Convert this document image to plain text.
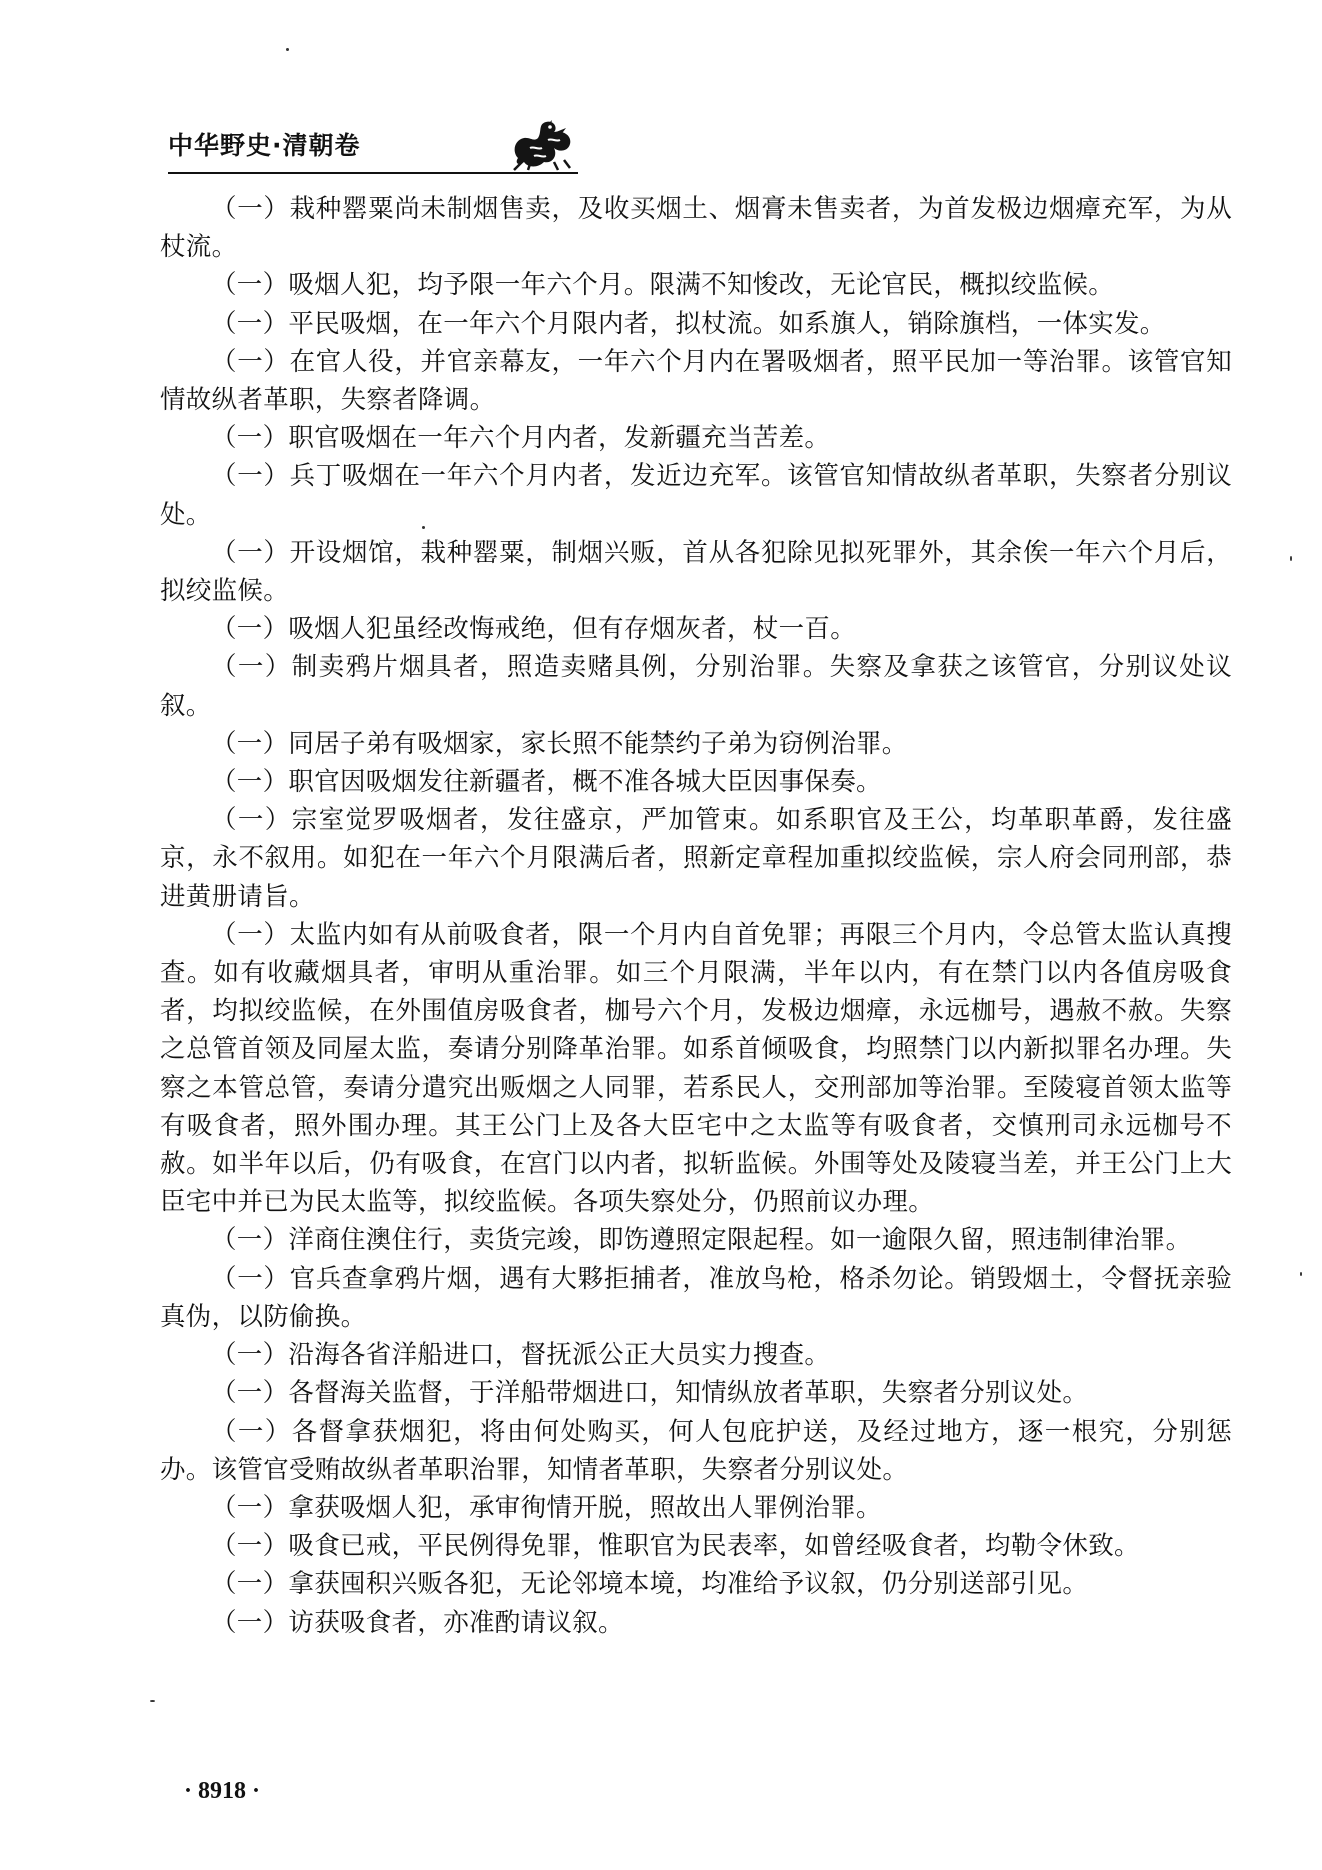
中华野史·清朝卷

（一）栽种罂粟尚未制烟售卖，及收买烟土、烟膏未售卖者，为首发极边烟瘴充军，为从杖流。

（一）吸烟人犯，均予限一年六个月。限满不知悛改，无论官民，概拟绞监候。

（一）平民吸烟，在一年六个月限内者，拟杖流。如系旗人，销除旗档，一体实发。

（一）在官人役，并官亲幕友，一年六个月内在署吸烟者，照平民加一等治罪。该管官知情故纵者革职，失察者降调。

（一）职官吸烟在一年六个月内者，发新疆充当苦差。

（一）兵丁吸烟在一年六个月内者，发近边充军。该管官知情故纵者革职，失察者分别议处。

（一）开设烟馆，栽种罂粟，制烟兴贩，首从各犯除见拟死罪外，其余俟一年六个月后，拟绞监候。

（一）吸烟人犯虽经改悔戒绝，但有存烟灰者，杖一百。

（一）制卖鸦片烟具者，照造卖赌具例，分别治罪。失察及拿获之该管官，分别议处议叙。

（一）同居子弟有吸烟家，家长照不能禁约子弟为窃例治罪。

（一）职官因吸烟发往新疆者，概不准各城大臣因事保奏。

（一）宗室觉罗吸烟者，发往盛京，严加管束。如系职官及王公，均革职革爵，发往盛京，永不叙用。如犯在一年六个月限满后者，照新定章程加重拟绞监候，宗人府会同刑部，恭进黄册请旨。

（一）太监内如有从前吸食者，限一个月内自首免罪；再限三个月内，令总管太监认真搜查。如有收藏烟具者，审明从重治罪。如三个月限满，半年以内，有在禁门以内各值房吸食者，均拟绞监候，在外围值房吸食者，枷号六个月，发极边烟瘴，永远枷号，遇赦不赦。失察之总管首领及同屋太监，奏请分别降革治罪。如系首倾吸食，均照禁门以内新拟罪名办理。失察之本管总管，奏请分遣究出贩烟之人同罪，若系民人，交刑部加等治罪。至陵寝首领太监等有吸食者，照外围办理。其王公门上及各大臣宅中之太监等有吸食者，交慎刑司永远枷号不赦。如半年以后，仍有吸食，在宫门以内者，拟斩监候。外围等处及陵寝当差，并王公门上大臣宅中并已为民太监等，拟绞监候。各项失察处分，仍照前议办理。

（一）洋商住澳住行，卖货完竣，即饬遵照定限起程。如一逾限久留，照违制律治罪。

（一）官兵查拿鸦片烟，遇有大夥拒捕者，准放鸟枪，格杀勿论。销毁烟土，令督抚亲验真伪，以防偷换。

（一）沿海各省洋船进口，督抚派公正大员实力搜查。

（一）各督海关监督，于洋船带烟进口，知情纵放者革职，失察者分别议处。

（一）各督拿获烟犯，将由何处购买，何人包庇护送，及经过地方，逐一根究，分别惩办。该管官受贿故纵者革职治罪，知情者革职，失察者分别议处。

（一）拿获吸烟人犯，承审徇情开脱，照故出人罪例治罪。

（一）吸食已戒，平民例得免罪，惟职官为民表率，如曾经吸食者，均勒令休致。

（一）拿获囤积兴贩各犯，无论邻境本境，均准给予议叙，仍分别送部引见。

（一）访获吸食者，亦准酌请议叙。

· 8918 ·
